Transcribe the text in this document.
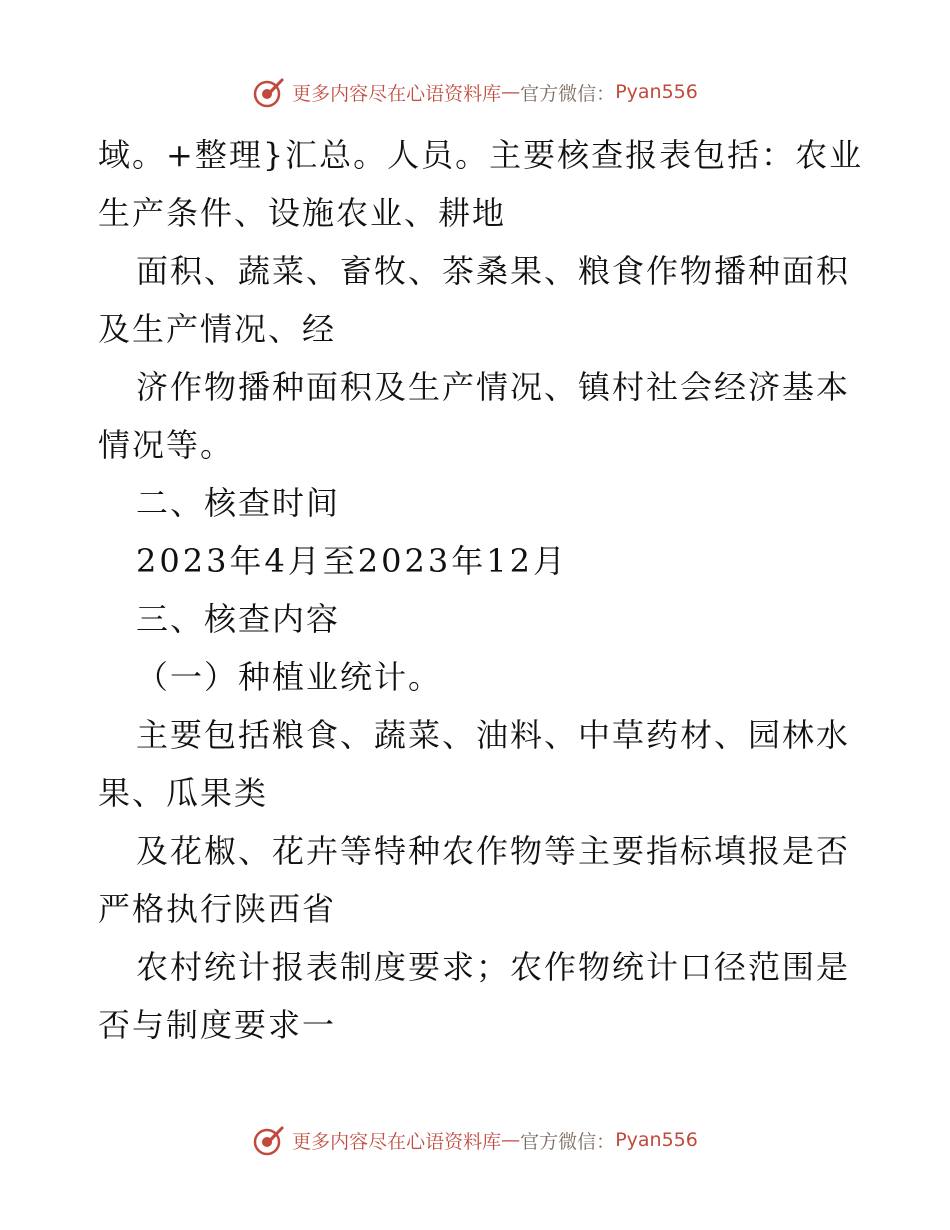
更多内容尽在心语资料库 — 官方微信： Pyan556

域。+整理}汇总。人员。主要核查报表包括：农业

生产条件、设施农业、耕地

面积、蔬菜、畜牧、茶桑果、粮食作物播种面积

及生产情况、经

济作物播种面积及生产情况、镇村社会经济基本

情况等。

二、核查时间

2023年4月至2023年12月

三、核查内容

（一）种植业统计。

主要包括粮食、蔬菜、油料、中草药材、园林水

果、瓜果类

及花椒、花卉等特种农作物等主要指标填报是否

严格执行陕西省

农村统计报表制度要求；农作物统计口径范围是

否与制度要求一

更多内容尽在心语资料库 — 官方微信： Pyan556
